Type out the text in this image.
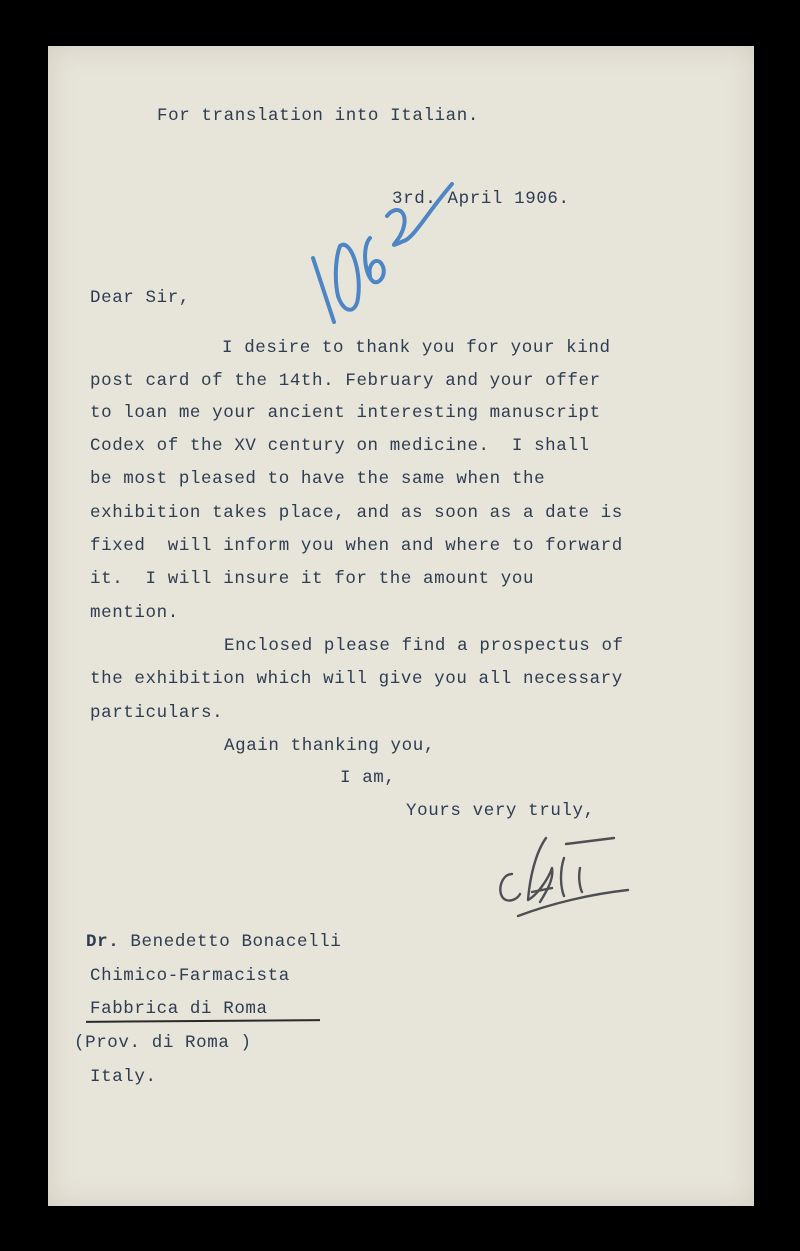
For translation into Italian.
3rd. April 1906.
Dear Sir,
I desire to thank you for your kind
post card of the 14th. February and your offer
to loan me your ancient interesting manuscript
Codex of the XV century on medicine.  I shall
be most pleased to have the same when the
exhibition takes place, and as soon as a date is
fixed  will inform you when and where to forward
it.  I will insure it for the amount you
mention.
Enclosed please find a prospectus of
the exhibition which will give you all necessary
particulars.
Again thanking you,
I am,
Yours very truly,
Dr. Benedetto Bonacelli
Chimico-Farmacista
Fabbrica di Roma
(Prov. di Roma )
Italy.
